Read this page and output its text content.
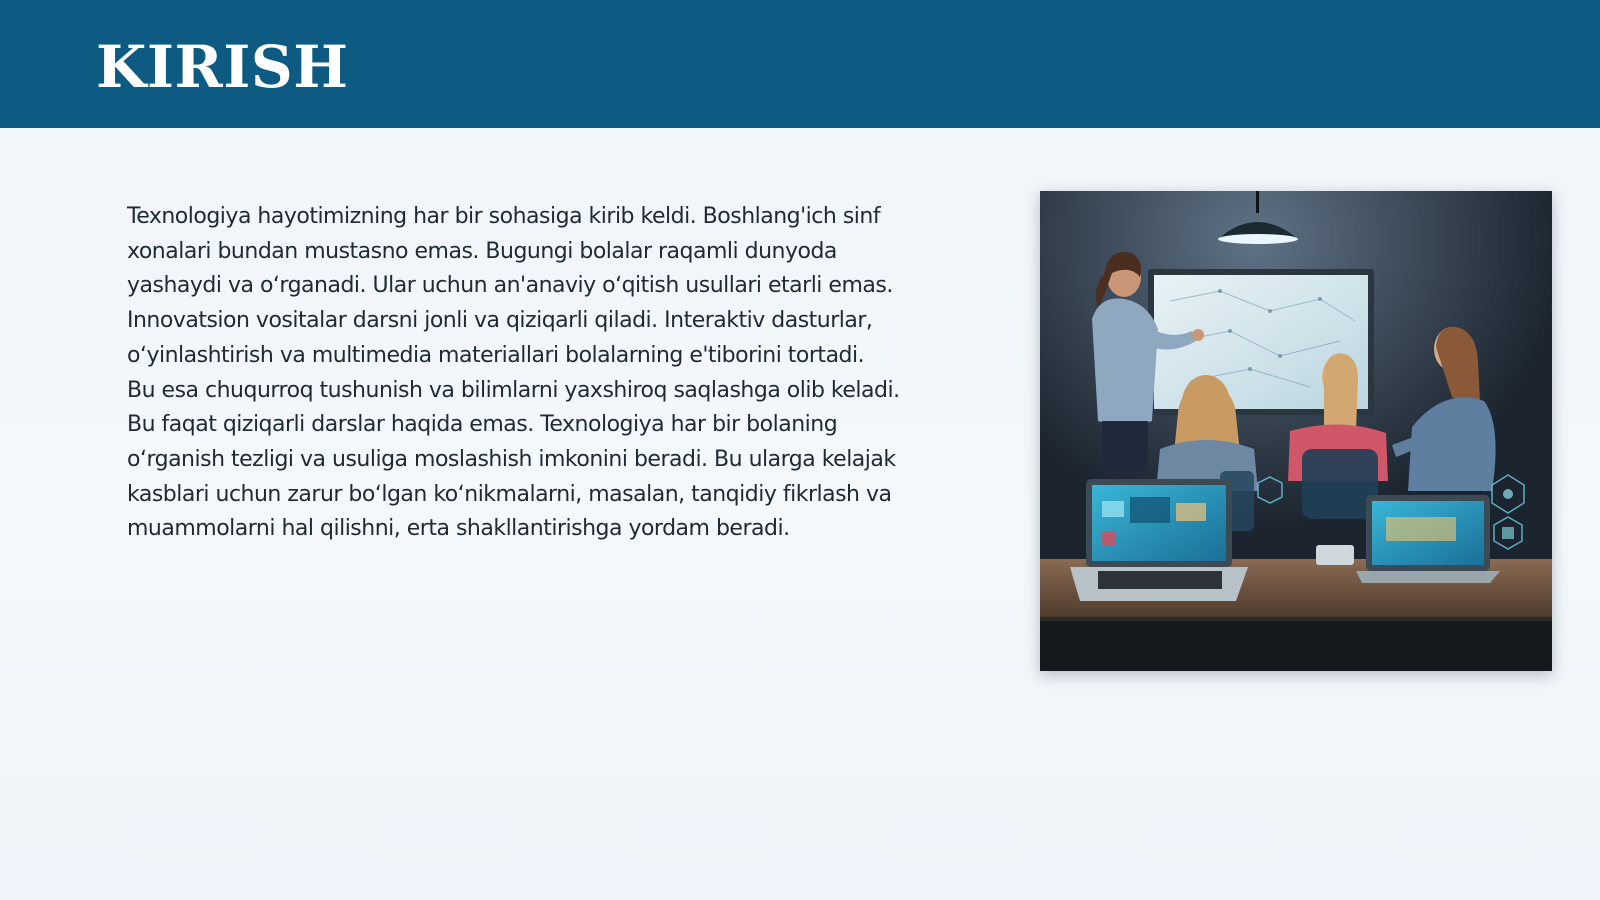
KIRISH

Texnologiya hayotimizning har bir sohasiga kirib keldi. Boshlang'ich sinf
xonalari bundan mustasno emas. Bugungi bolalar raqamli dunyoda
yashaydi va oʻrganadi. Ular uchun an'anaviy oʻqitish usullari etarli emas.
Innovatsion vositalar darsni jonli va qiziqarli qiladi. Interaktiv dasturlar,
oʻyinlashtirish va multimedia materiallari bolalarning e'tiborini tortadi.
Bu esa chuqurroq tushunish va bilimlarni yaxshiroq saqlashga olib keladi.
Bu faqat qiziqarli darslar haqida emas. Texnologiya har bir bolaning
oʻrganish tezligi va usuliga moslashish imkonini beradi. Bu ularga kelajak
kasblari uchun zarur boʻlgan koʻnikmalarni, masalan, tanqidiy fikrlash va
muammolarni hal qilishni, erta shakllantirishga yordam beradi.
